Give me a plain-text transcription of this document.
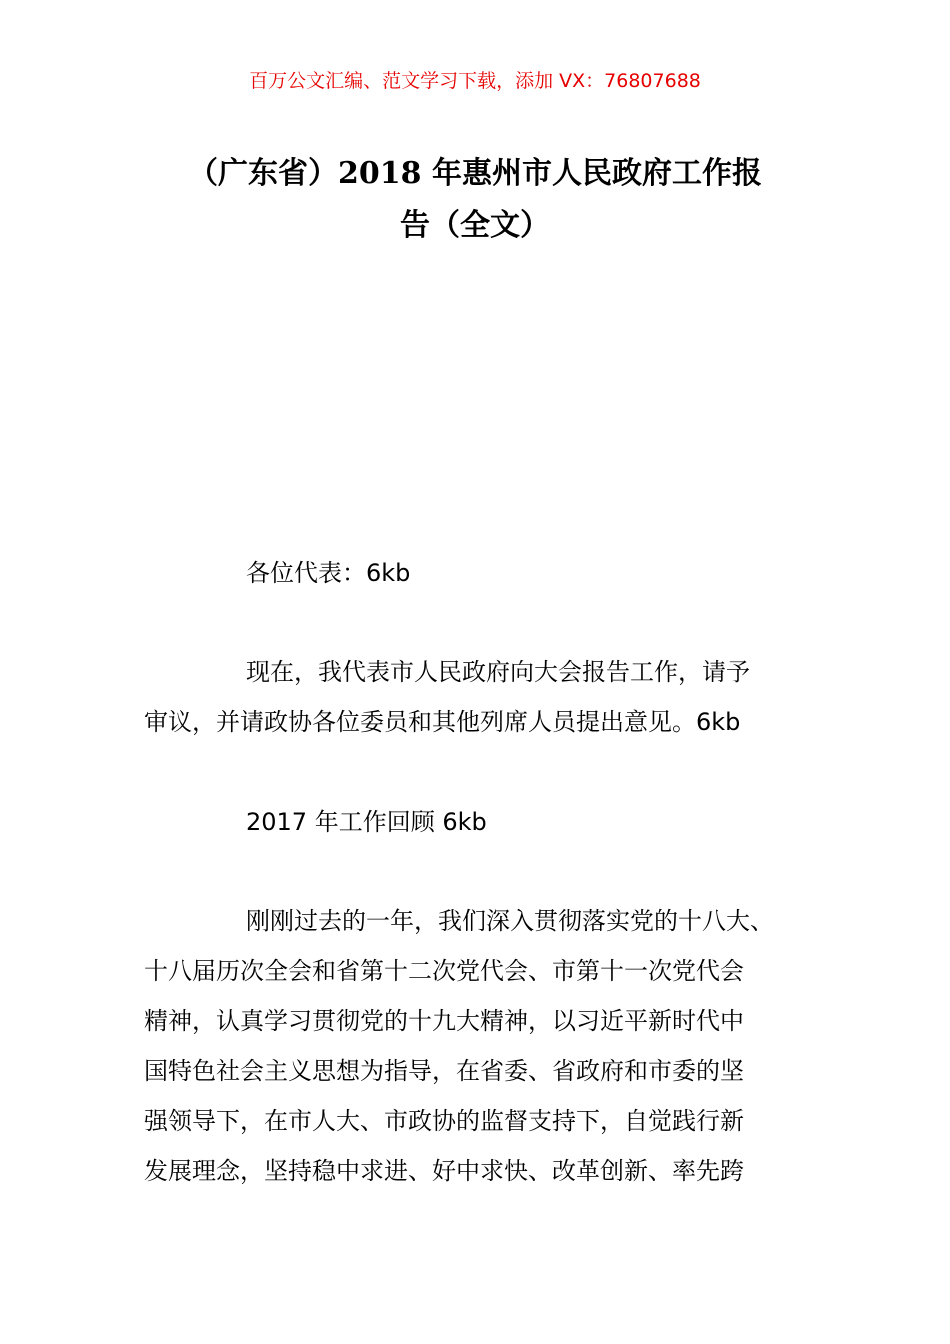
百万公文汇编、范文学习下载，添加 VX：76807688
（广东省）2018 年惠州市人民政府工作报
告（全文）

各位代表：6kb

现在，我代表市人民政府向大会报告工作，请予
审议，并请政协各位委员和其他列席人员提出意见。6kb

2017 年工作回顾 6kb

刚刚过去的一年，我们深入贯彻落实党的十八大、
十八届历次全会和省第十二次党代会、市第十一次党代会
精神，认真学习贯彻党的十九大精神，以习近平新时代中
国特色社会主义思想为指导，在省委、省政府和市委的坚
强领导下，在市人大、市政协的监督支持下，自觉践行新
发展理念，坚持稳中求进、好中求快、改革创新、率先跨
